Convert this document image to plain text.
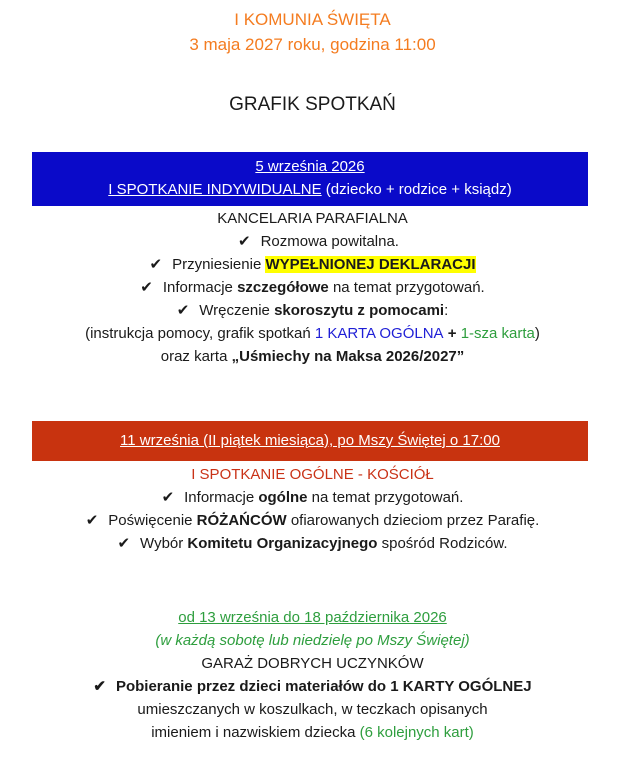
I KOMUNIA ŚWIĘTA
3 maja 2027 roku, godzina 11:00
GRAFIK SPOTKAŃ
5 września 2026
I SPOTKANIE INDYWIDUALNE (dziecko + rodzice + ksiądz)
KANCELARIA PARAFIALNA
✔ Rozmowa powitalna.
✔ Przyniesienie WYPEŁNIONEJ DEKLARACJI
✔ Informacje szczegółowe na temat przygotowań.
✔ Wręczenie skoroszytu z pomocami:
(instrukcja pomocy, grafik spotkań 1 KARTA OGÓLNA + 1-sza karta)
oraz karta „Uśmiechy na Maksa 2026/2027”
11 września (II piątek miesiąca), po Mszy Świętej o 17:00
I SPOTKANIE OGÓLNE - KOŚCIÓŁ
✔ Informacje ogólne na temat przygotowań.
✔ Poświęcenie RÓŻAŃCÓW ofiarowanych dzieciom przez Parafię.
✔ Wybór Komitetu Organizacyjnego spośród Rodziców.
od 13 września do 18 października 2026
(w każdą sobotę lub niedzielę po Mszy Świętej)
GARAŻ DOBRYCH UCZYNKÓW
✔ Pobieranie przez dzieci materiałów do 1 KARTY OGÓLNEJ
umieszczanych w koszulkach, w teczkach opisanych
imieniem i nazwiskiem dziecka (6 kolejnych kart)
